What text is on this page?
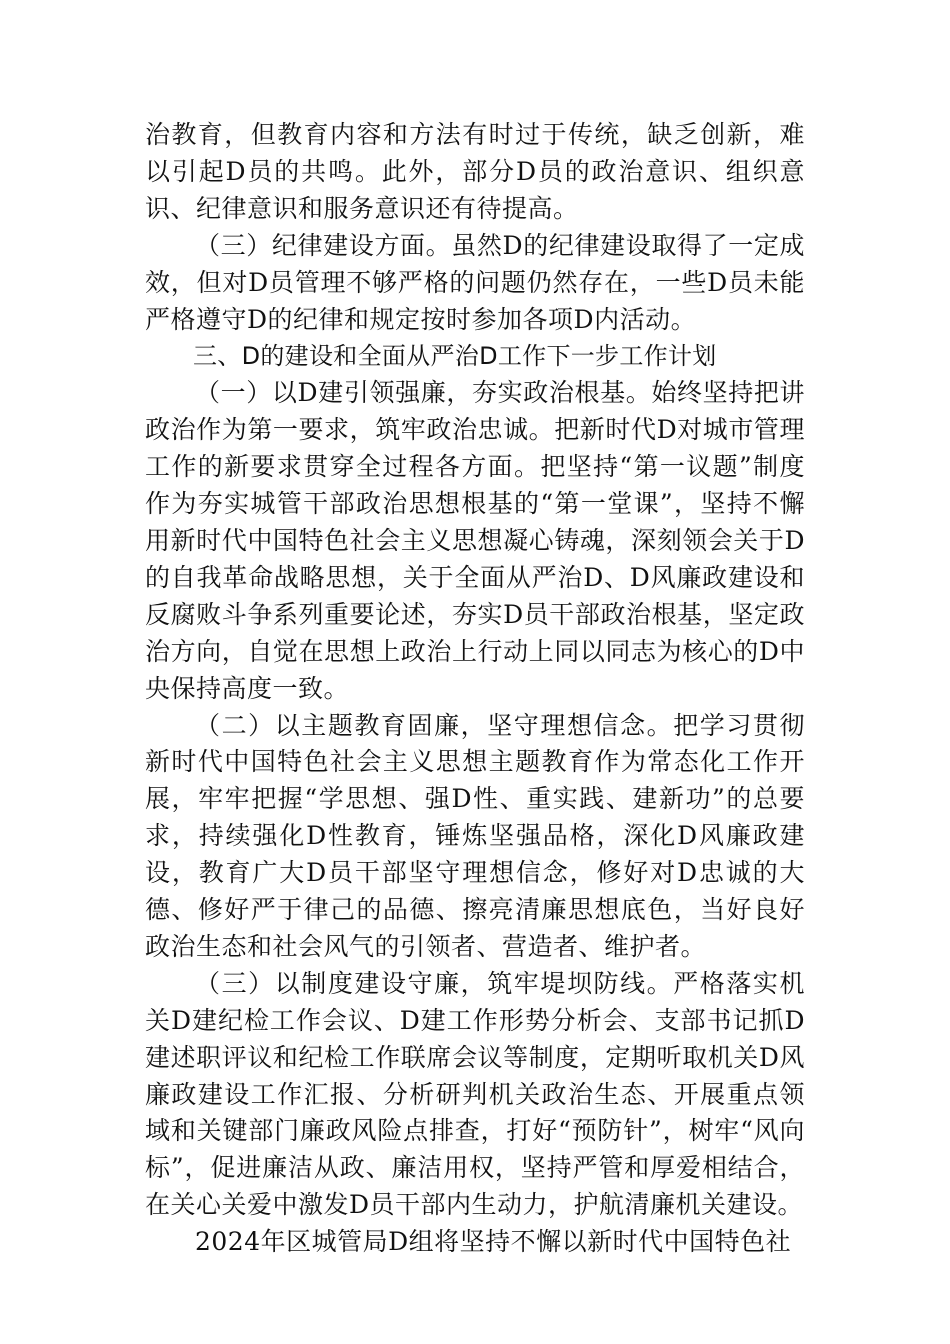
治教育，但教育内容和方法有时过于传统，缺乏创新，难以引起D员的共鸣。此外，部分D员的政治意识、组织意识、纪律意识和服务意识还有待提高。

（三）纪律建设方面。虽然D的纪律建设取得了一定成效，但对D员管理不够严格的问题仍然存在，一些D员未能严格遵守D的纪律和规定按时参加各项D内活动。

三、D的建设和全面从严治D工作下一步工作计划

（一）以D建引领强廉，夯实政治根基。始终坚持把讲政治作为第一要求，筑牢政治忠诚。把新时代D对城市管理工作的新要求贯穿全过程各方面。把坚持“第一议题”制度作为夯实城管干部政治思想根基的“第一堂课”，坚持不懈用新时代中国特色社会主义思想凝心铸魂，深刻领会关于D的自我革命战略思想，关于全面从严治D、D风廉政建设和反腐败斗争系列重要论述，夯实D员干部政治根基，坚定政治方向，自觉在思想上政治上行动上同以同志为核心的D中央保持高度一致。

（二）以主题教育固廉，坚守理想信念。把学习贯彻新时代中国特色社会主义思想主题教育作为常态化工作开展，牢牢把握“学思想、强D性、重实践、建新功”的总要求，持续强化D性教育，锤炼坚强品格，深化D风廉政建设，教育广大D员干部坚守理想信念，修好对D忠诚的大德、修好严于律己的品德、擦亮清廉思想底色，当好良好政治生态和社会风气的引领者、营造者、维护者。

（三）以制度建设守廉，筑牢堤坝防线。严格落实机关D建纪检工作会议、D建工作形势分析会、支部书记抓D建述职评议和纪检工作联席会议等制度，定期听取机关D风廉政建设工作汇报、分析研判机关政治生态、开展重点领域和关键部门廉政风险点排查，打好“预防针”，树牢“风向标”，促进廉洁从政、廉洁用权，坚持严管和厚爱相结合，在关心关爱中激发D员干部内生动力，护航清廉机关建设。

2024年区城管局D组将坚持不懈以新时代中国特色社
